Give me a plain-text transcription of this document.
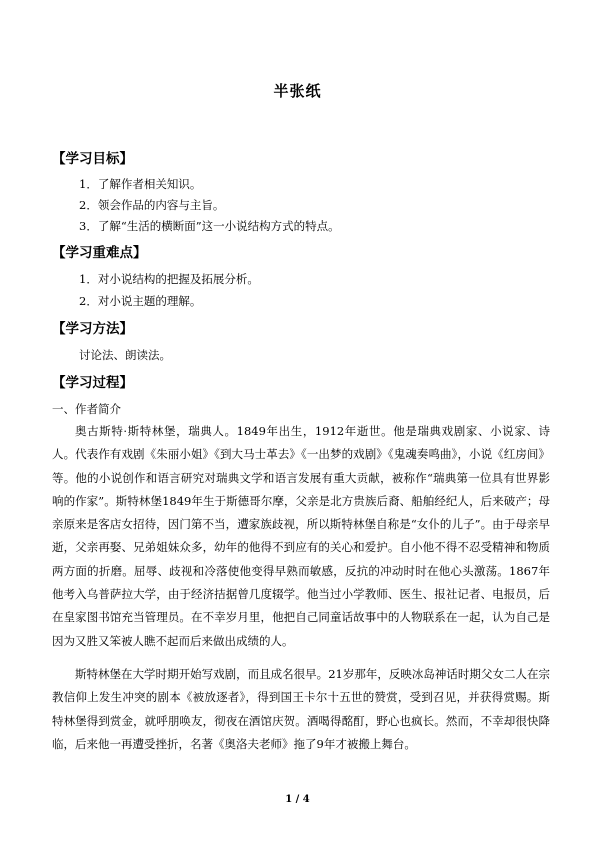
半张纸
【学习目标】
1．了解作者相关知识。
2．领会作品的内容与主旨。
3．了解“生活的横断面”这一小说结构方式的特点。
【学习重难点】
1．对小说结构的把握及拓展分析。
2．对小说主题的理解。
【学习方法】
讨论法、朗读法。
【学习过程】
一、作者简介
奥古斯特·斯特林堡，瑞典人。1849年出生，1912年逝世。他是瑞典戏剧家、小说家、诗人。代表作有戏剧《朱丽小姐》《到大马士革去》《一出梦的戏剧》《鬼魂奏鸣曲》，小说《红房间》等。他的小说创作和语言研究对瑞典文学和语言发展有重大贡献，被称作“瑞典第一位具有世界影响的作家”。斯特林堡1849年生于斯德哥尔摩，父亲是北方贵族后裔、船舶经纪人，后来破产；母亲原来是客店女招待，因门第不当，遭家族歧视，所以斯特林堡自称是“女仆的儿子”。由于母亲早逝，父亲再娶、兄弟姐妹众多，幼年的他得不到应有的关心和爱护。自小他不得不忍受精神和物质两方面的折磨。屈辱、歧视和冷落使他变得早熟而敏感，反抗的冲动时时在他心头激荡。1867年他考入乌普萨拉大学，由于经济拮据曾几度辍学。他当过小学教师、医生、报社记者、电报员，后在皇家图书馆充当管理员。在不幸岁月里，他把自己同童话故事中的人物联系在一起，认为自己是因为又胜又笨被人瞧不起而后来做出成绩的人。
斯特林堡在大学时期开始写戏剧，而且成名很早。21岁那年，反映冰岛神话时期父女二人在宗教信仰上发生冲突的剧本《被放逐者》，得到国王卡尔十五世的赞赏，受到召见，并获得赏赐。斯特林堡得到赏金，就呼朋唤友，彻夜在酒馆庆贺。酒喝得酩酊，野心也疯长。然而，不幸却很快降临，后来他一再遭受挫折，名著《奥洛夫老师》拖了9年才被搬上舞台。
1 / 4
